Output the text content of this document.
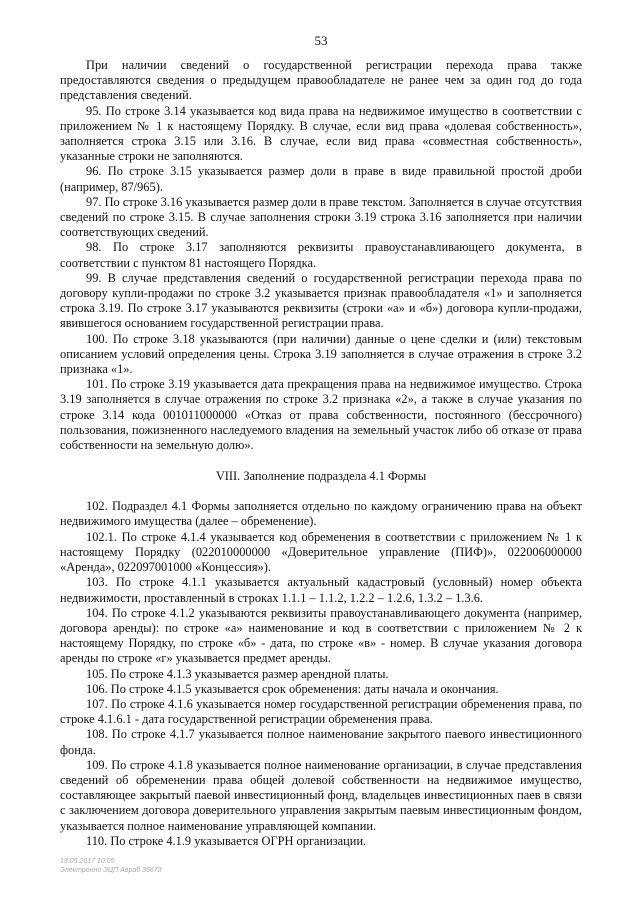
53

При наличии сведений о государственной регистрации перехода права также предоставляются сведения о предыдущем правообладателе не ранее чем за один год до года представления сведений.

95. По строке 3.14 указывается код вида права на недвижимое имущество в соответствии с приложением № 1 к настоящему Порядку. В случае, если вид права «долевая собственность», заполняется строка 3.15 или 3.16. В случае, если вид права «совместная собственность», указанные строки не заполняются.

96. По строке 3.15 указывается размер доли в праве в виде правильной простой дроби (например, 87/965).

97. По строке 3.16 указывается размер доли в праве текстом. Заполняется в случае отсутствия сведений по строке 3.15. В случае заполнения строки 3.19 строка 3.16 заполняется при наличии соответствующих сведений.

98. По строке 3.17 заполняются реквизиты правоустанавливающего документа, в соответствии с пунктом 81 настоящего Порядка.

99. В случае представления сведений о государственной регистрации перехода права по договору купли-продажи по строке 3.2 указывается признак правообладателя «1» и заполняется строка 3.19. По строке 3.17 указываются реквизиты (строки «а» и «б») договора купли-продажи, явившегося основанием государственной регистрации права.

100. По строке 3.18 указываются (при наличии) данные о цене сделки и (или) текстовым описанием условий определения цены. Строка 3.19 заполняется в случае отражения в строке 3.2 признака «1».

101. По строке 3.19 указывается дата прекращения права на недвижимое имущество. Строка 3.19 заполняется в случае отражения по строке 3.2 признака «2», а также в случае указания по строке 3.14 кода 001011000000 «Отказ от права собственности, постоянного (бессрочного) пользования, пожизненного наследуемого владения на земельный участок либо об отказе от права собственности на земельную долю».

VIII. Заполнение подраздела 4.1 Формы

102. Подраздел 4.1 Формы заполняется отдельно по каждому ограничению права на объект недвижимого имущества (далее – обременение).

102.1. По строке 4.1.4 указывается код обременения в соответствии с приложением № 1 к настоящему Порядку (022010000000 «Доверительное управление (ПИФ)», 022006000000 «Аренда», 022097001000 «Концессия»).

103. По строке 4.1.1 указывается актуальный кадастровый (условный) номер объекта недвижимости, проставленный в строках 1.1.1 – 1.1.2, 1.2.2 – 1.2.6, 1.3.2 – 1.3.6.

104. По строке 4.1.2 указываются реквизиты правоустанавливающего документа (например, договора аренды): по строке «а» наименование и код в соответствии с приложением № 2 к настоящему Порядку, по строке «б» - дата, по строке «в» - номер. В случае указания договора аренды по строке «г» указывается предмет аренды.

105. По строке 4.1.3 указывается размер арендной платы.

106. По строке 4.1.5 указывается срок обременения: даты начала и окончания.

107. По строке 4.1.6 указывается номер государственной регистрации обременения права, по строке 4.1.6.1 - дата государственной регистрации обременения права.

108. По строке 4.1.7 указывается полное наименование закрытого паевого инвестиционного фонда.

109. По строке 4.1.8 указывается полное наименование организации, в случае представления сведений об обременении права общей долевой собственности на недвижимое имущество, составляющее закрытый паевой инвестиционный фонд, владельцев инвестиционных паев в связи с заключением договора доверительного управления закрытым паевым инвестиционным фондом, указывается полное наименование управляющей компании.

110. По строке 4.1.9 указывается ОГРН организации.

19.05.2017 10:05
Электронно ЭЦП Авраб 35673
